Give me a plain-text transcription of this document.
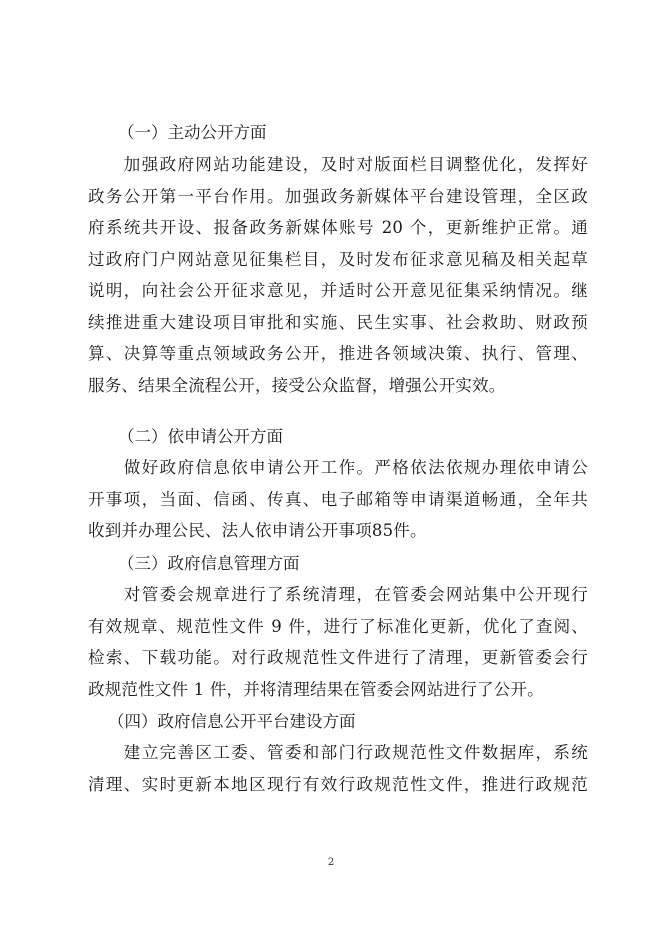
（一）主动公开方面
　　加强政府网站功能建设，及时对版面栏目调整优化，发挥好
政务公开第一平台作用。加强政务新媒体平台建设管理，全区政
府系统共开设、报备政务新媒体账号 20 个，更新维护正常。通
过政府门户网站意见征集栏目，及时发布征求意见稿及相关起草
说明，向社会公开征求意见，并适时公开意见征集采纳情况。继
续推进重大建设项目审批和实施、民生实事、社会救助、财政预
算、决算等重点领域政务公开，推进各领域决策、执行、管理、
服务、结果全流程公开，接受公众监督，增强公开实效。
（二）依申请公开方面
　　做好政府信息依申请公开工作。严格依法依规办理依申请公
开事项，当面、信函、传真、电子邮箱等申请渠道畅通，全年共
收到并办理公民、法人依申请公开事项85件。
（三）政府信息管理方面
　　对管委会规章进行了系统清理，在管委会网站集中公开现行
有效规章、规范性文件 9 件，进行了标准化更新，优化了查阅、
检索、下载功能。对行政规范性文件进行了清理，更新管委会行
政规范性文件 1 件，并将清理结果在管委会网站进行了公开。
（四）政府信息公开平台建设方面
　　建立完善区工委、管委和部门行政规范性文件数据库，系统
清理、实时更新本地区现行有效行政规范性文件，推进行政规范
2
